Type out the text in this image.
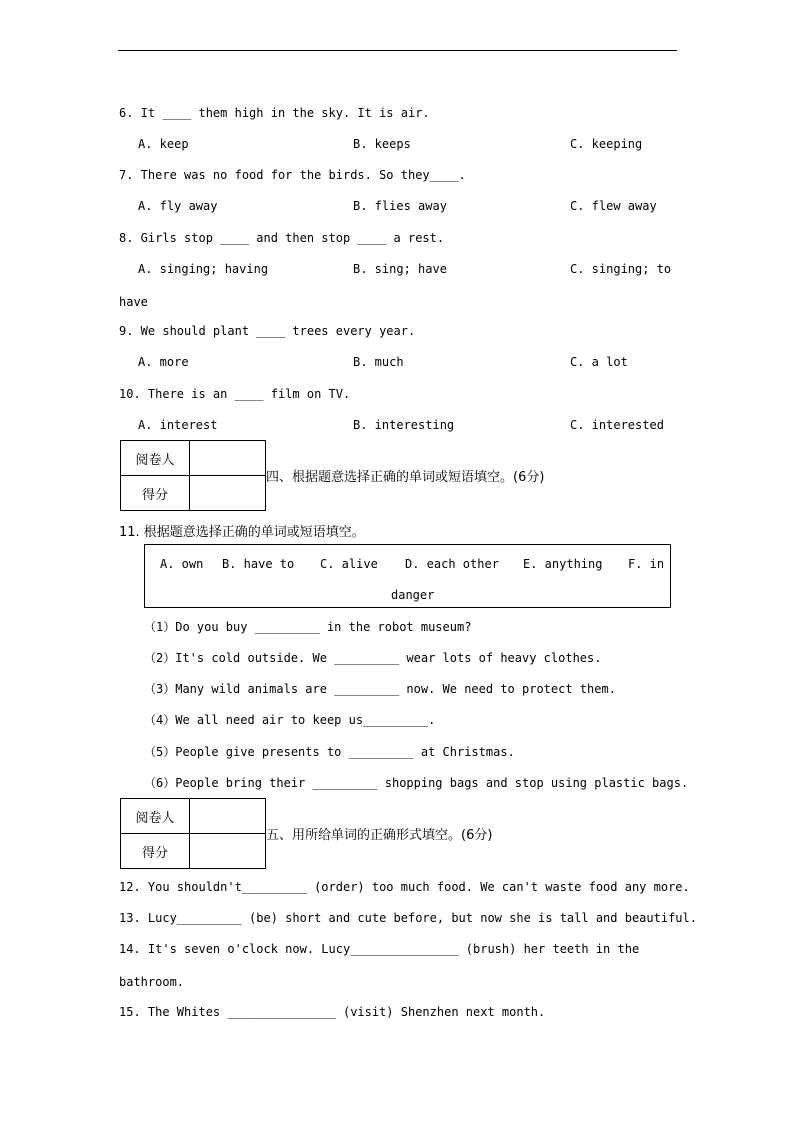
6. It ____ them high in the sky. It is air.
A. keep	B. keeps	C. keeping
7. There was no food for the birds. So they____.
A. fly away	B. flies away	C. flew away
8. Girls stop ____ and then stop ____ a rest.
A. singing; having	B. sing; have	C. singing; to
have
9. We should plant ____ trees every year.
A. more	B. much	C. a lot
10. There is an ____ film on TV.
A. interest	B. interesting	C. interested
阅卷人	
得分	
四、根据题意选择正确的单词或短语填空。(6分)
11. 根据题意选择正确的单词或短语填空。
A. own B. have to C. alive D. each other E. anything F. in
danger
（1）Do you buy _________ in the robot museum?
（2）It's cold outside. We _________ wear lots of heavy clothes.
（3）Many wild animals are _________ now. We need to protect them.
（4）We all need air to keep us_________.
（5）People give presents to _________ at Christmas.
（6）People bring their _________ shopping bags and stop using plastic bags.
阅卷人	
得分	
五、用所给单词的正确形式填空。(6分)
12. You shouldn't_________ (order) too much food. We can't waste food any more.
13. Lucy_________ (be) short and cute before, but now she is tall and beautiful.
14. It's seven o'clock now. Lucy_______________ (brush) her teeth in the
bathroom.
15. The Whites _______________ (visit) Shenzhen next month.
